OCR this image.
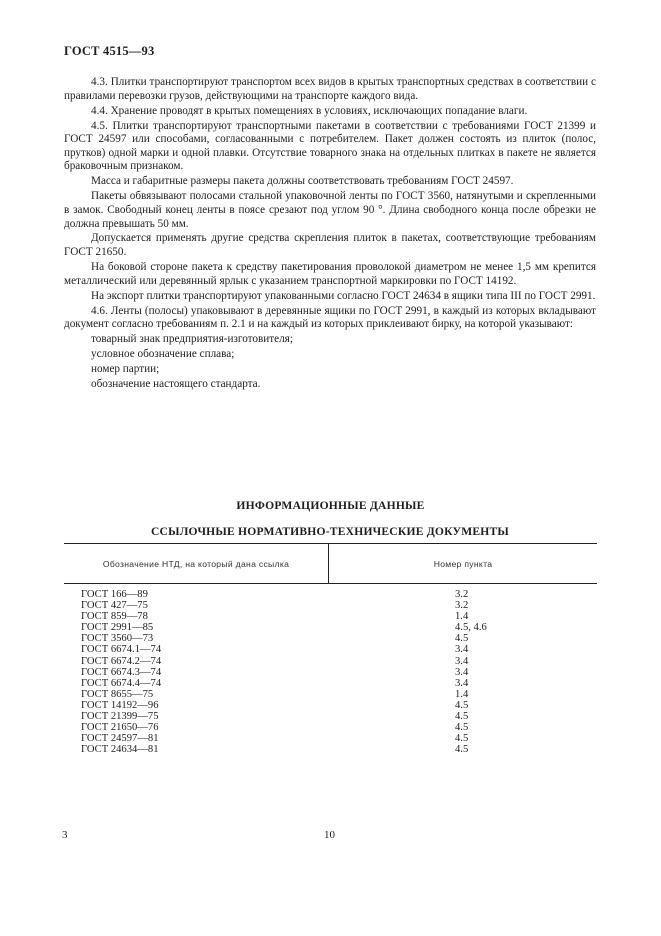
ГОСТ 4515—93

4.3. Плитки транспортируют транспортом всех видов в крытых транспортных средствах в соответствии с правилами перевозки грузов, действующими на транспорте каждого вида.

4.4. Хранение проводят в крытых помещениях в условиях, исключающих попадание влаги.

4.5. Плитки транспортируют транспортными пакетами в соответствии с требованиями ГОСТ 21399 и ГОСТ 24597 или способами, согласованными с потребителем. Пакет должен состоять из плиток (полос, прутков) одной марки и одной плавки. Отсутствие товарного знака на отдельных плитках в пакете не является браковочным признаком.

Масса и габаритные размеры пакета должны соответствовать требованиям ГОСТ 24597.

Пакеты обвязывают полосами стальной упаковочной ленты по ГОСТ 3560, натянутыми и скрепленными в замок. Свободный конец ленты в поясе срезают под углом 90 °. Длина свободного конца после обрезки не должна превышать 50 мм.

Допускается применять другие средства скрепления плиток в пакетах, соответствующие требованиям ГОСТ 21650.

На боковой стороне пакета к средству пакетирования проволокой диаметром не менее 1,5 мм крепится металлический или деревянный ярлык с указанием транспортной маркировки по ГОСТ 14192.

На экспорт плитки транспортируют упакованными согласно ГОСТ 24634 в ящики типа III по ГОСТ 2991.

4.6. Ленты (полосы) упаковывают в деревянные ящики по ГОСТ 2991, в каждый из которых вкладывают документ согласно требованиям п. 2.1 и на каждый из которых приклеивают бирку, на которой указывают:

товарный знак предприятия-изготовителя;

условное обозначение сплава;

номер партии;

обозначение настоящего стандарта.

ИНФОРМАЦИОННЫЕ ДАННЫЕ
ССЫЛОЧНЫЕ НОРМАТИВНО-ТЕХНИЧЕСКИЕ ДОКУМЕНТЫ
Обозначение НТД, на который дана ссылка	Номер пункта
ГОСТ 166—89	3.2
ГОСТ 427—75	3.2
ГОСТ 859—78	1.4
ГОСТ 2991—85	4.5, 4.6
ГОСТ 3560—73	4.5
ГОСТ 6674.1—74	3.4
ГОСТ 6674.2—74	3.4
ГОСТ 6674.3—74	3.4
ГОСТ 6674.4—74	3.4
ГОСТ 8655—75	1.4
ГОСТ 14192—96	4.5
ГОСТ 21399—75	4.5
ГОСТ 21650—76	4.5
ГОСТ 24597—81	4.5
ГОСТ 24634—81	4.5
3	10
